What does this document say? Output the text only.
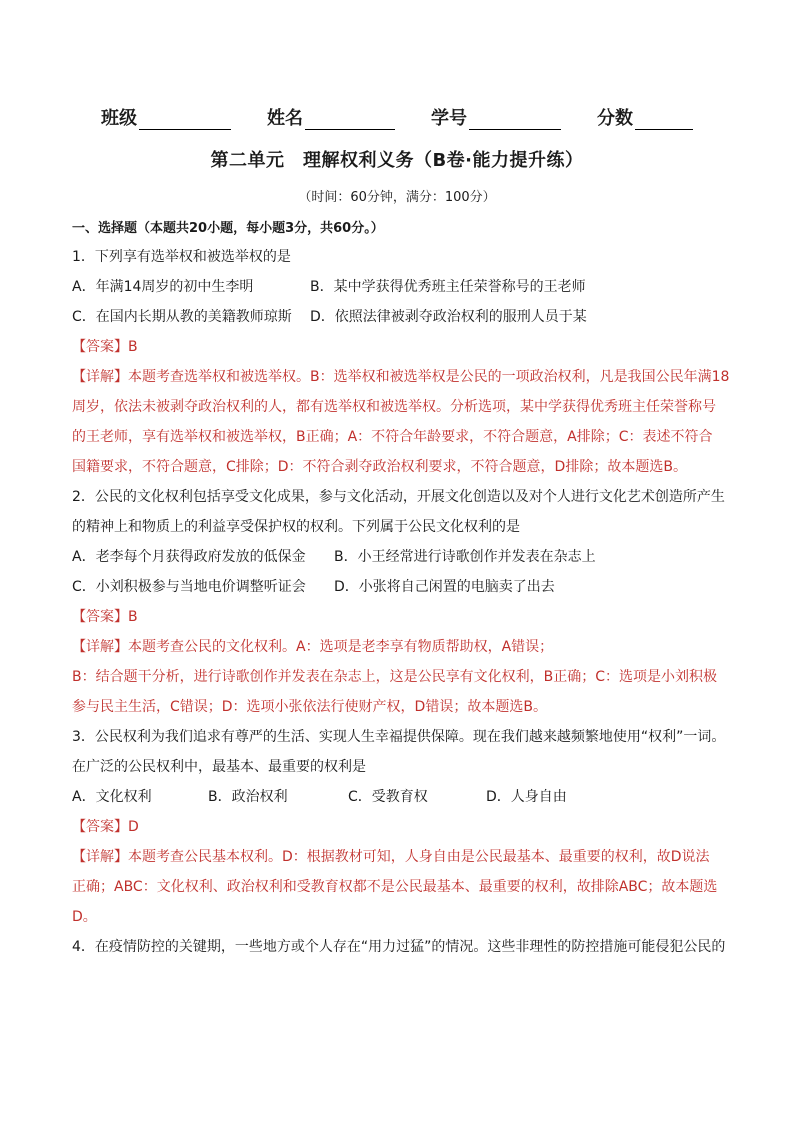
班级	姓名	学号	分数
第二单元　理解权利义务（B卷·能力提升练）
（时间：60分钟，满分：100分）
一、选择题（本题共20小题，每小题3分，共60分。）
1．下列享有选举权和被选举权的是
A．年满14周岁的初中生李明	B．某中学获得优秀班主任荣誉称号的王老师
C．在国内长期从教的美籍教师琼斯	D．依照法律被剥夺政治权利的服刑人员于某
【答案】B
【详解】本题考查选举权和被选举权。B：选举权和被选举权是公民的一项政治权利，凡是我国公民年满18
周岁，依法未被剥夺政治权利的人，都有选举权和被选举权。分析选项，某中学获得优秀班主任荣誉称号
的王老师，享有选举权和被选举权，B正确；A：不符合年龄要求，不符合题意，A排除；C：表述不符合
国籍要求，不符合题意，C排除；D：不符合剥夺政治权利要求，不符合题意，D排除；故本题选B。
2．公民的文化权利包括享受文化成果，参与文化活动，开展文化创造以及对个人进行文化艺术创造所产生
的精神上和物质上的利益享受保护权的权利。下列属于公民文化权利的是
A．老李每个月获得政府发放的低保金	B．小王经常进行诗歌创作并发表在杂志上
C．小刘积极参与当地电价调整听证会	D．小张将自己闲置的电脑卖了出去
【答案】B
【详解】本题考查公民的文化权利。A：选项是老李享有物质帮助权，A错误；
B：结合题干分析，进行诗歌创作并发表在杂志上，这是公民享有文化权利，B正确；C：选项是小刘积极
参与民主生活，C错误；D：选项小张依法行使财产权，D错误；故本题选B。
3．公民权利为我们追求有尊严的生活、实现人生幸福提供保障。现在我们越来越频繁地使用“权利”一词。
在广泛的公民权利中，最基本、最重要的权利是
A．文化权利	B．政治权利	C．受教育权	D．人身自由
【答案】D
【详解】本题考查公民基本权利。D：根据教材可知，人身自由是公民最基本、最重要的权利，故D说法
正确；ABC：文化权利、政治权利和受教育权都不是公民最基本、最重要的权利，故排除ABC；故本题选
D。
4．在疫情防控的关键期，一些地方或个人存在“用力过猛”的情况。这些非理性的防控措施可能侵犯公民的
